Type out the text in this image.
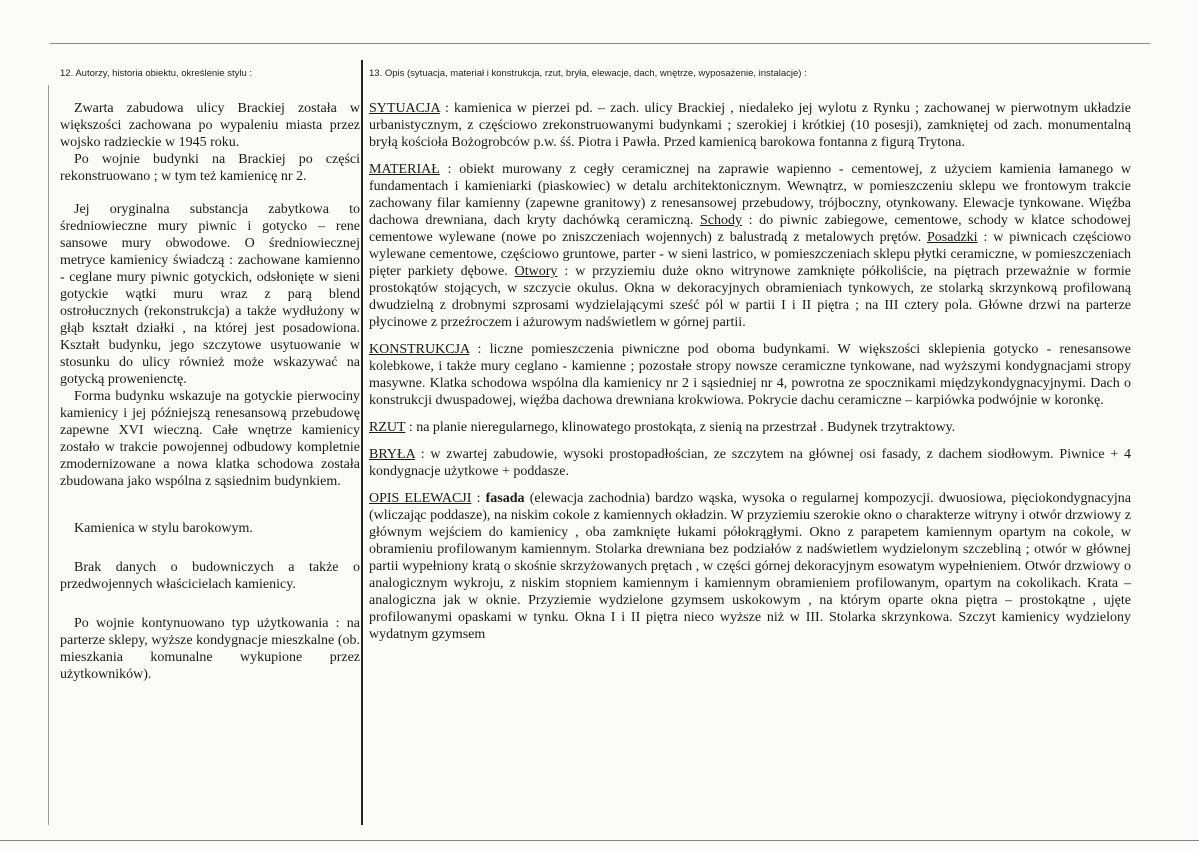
12. Autorzy, historia obiektu, określenie stylu :	13. Opis (sytuacja, materiał i konstrukcja, rzut, bryła, elewacje, dach, wnętrze, wyposażenie, instalacje) :

Zwarta zabudowa ulicy Brackiej została w większości zachowana po wypaleniu miasta przez wojsko radzieckie w 1945 roku.

Po wojnie budynki na Brackiej po części rekonstruowano ; w tym też kamienicę nr 2.

Jej oryginalna substancja zabytkowa to średniowieczne mury piwnic i gotycko – rene sansowe mury obwodowe. O średniowiecznej metryce kamienicy świadczą : zachowane kamienno - ceglane mury piwnic gotyckich, odsłonięte w sieni gotyckie wątki muru wraz z parą blend ostrołucznych (rekonstrukcja) a także wydłużony w głąb kształt działki , na której jest posadowiona. Kształt budynku, jego szczytowe usytuowanie w stosunku do ulicy również może wskazywać na gotycką prowenienctę.

Forma budynku wskazuje na gotyckie pierwociny kamienicy i jej późniejszą renesansową przebudowę zapewne XVI wieczną. Całe wnętrze kamienicy zostało w trakcie powojennej odbudowy kompletnie zmodernizowane a nowa klatka schodowa została zbudowana jako wspólna z sąsiednim budynkiem.

Kamienica w stylu barokowym.

Brak danych o budowniczych a także o przedwojennych właścicielach kamienicy.

Po wojnie kontynuowano typ użytkowania : na parterze sklepy, wyższe kondygnacje mieszkalne (ob. mieszkania komunalne wykupione przez użytkowników).

SYTUACJA : kamienica w pierzei pd. – zach. ulicy Brackiej , niedaleko jej wylotu z Rynku ; zachowanej w pierwotnym układzie urbanistycznym, z częściowo zrekonstruowanymi budynkami ; szerokiej i krótkiej (10 posesji), zamkniętej od zach. monumentalną bryłą kościoła Bożogrobców p.w. śś. Piotra i Pawła. Przed kamienicą barokowa fontanna z figurą Trytona.

MATERIAŁ : obiekt murowany z cegły ceramicznej na zaprawie wapienno - cementowej, z użyciem kamienia łamanego w fundamentach i kamieniarki (piaskowiec) w detalu architektonicznym. Wewnątrz, w pomieszczeniu sklepu we frontowym trakcie zachowany filar kamienny (zapewne granitowy) z renesansowej przebudowy, trójboczny, otynkowany. Elewacje tynkowane. Więźba dachowa drewniana, dach kryty dachówką ceramiczną. Schody : do piwnic zabiegowe, cementowe, schody w klatce schodowej cementowe wylewane (nowe po zniszczeniach wojennych) z balustradą z metalowych prętów. Posadzki : w piwnicach częściowo wylewane cementowe, częściowo gruntowe, parter - w sieni lastrico, w pomieszczeniach sklepu płytki ceramiczne, w pomieszczeniach pięter parkiety dębowe. Otwory : w przyziemiu duże okno witrynowe zamknięte półkoliście, na piętrach przeważnie w formie prostokątów stojących, w szczycie okulus. Okna w dekoracyjnych obramieniach tynkowych, ze stolarką skrzynkową profilowaną dwudzielną z drobnymi szprosami wydzielającymi sześć pól w partii I i II piętra ; na III cztery pola. Główne drzwi na parterze płycinowe z przeźroczem i ażurowym nadświetlem w górnej partii.

KONSTRUKCJA : liczne pomieszczenia piwniczne pod oboma budynkami. W większości sklepienia gotycko - renesansowe kolebkowe, i także mury ceglano - kamienne ; pozostałe stropy nowsze ceramiczne tynkowane, nad wyższymi kondygnacjami stropy masywne. Klatka schodowa wspólna dla kamienicy nr 2 i sąsiedniej nr 4, powrotna ze spocznikami międzykondygnacyjnymi. Dach o konstrukcji dwuspadowej, więźba dachowa drewniana krokwiowa. Pokrycie dachu ceramiczne – karpiówka podwójnie w koronkę.

RZUT : na planie nieregularnego, klinowatego prostokąta, z sienią na przestrzał . Budynek trzytraktowy.

BRYŁA : w zwartej zabudowie, wysoki prostopadłościan, ze szczytem na głównej osi fasady, z dachem siodłowym. Piwnice + 4 kondygnacje użytkowe + poddasze.

OPIS ELEWACJI : fasada (elewacja zachodnia) bardzo wąska, wysoka o regularnej kompozycji. dwuosiowa, pięciokondygnacyjna (wliczając poddasze), na niskim cokole z kamiennych okładzin. W przyziemiu szerokie okno o charakterze witryny i otwór drzwiowy z głównym wejściem do kamienicy , oba zamknięte łukami półokrągłymi. Okno z parapetem kamiennym opartym na cokole, w obramieniu profilowanym kamiennym. Stolarka drewniana bez podziałów z nadświetlem wydzielonym szczebliną ; otwór w głównej partii wypełniony kratą o skośnie skrzyżowanych prętach , w części górnej dekoracyjnym esowatym wypełnieniem. Otwór drzwiowy o analogicznym wykroju, z niskim stopniem kamiennym i kamiennym obramieniem profilowanym, opartym na cokolikach. Krata – analogiczna jak w oknie. Przyziemie wydzielone gzymsem uskokowym , na którym oparte okna piętra – prostokątne , ujęte profilowanymi opaskami w tynku. Okna I i II piętra nieco wyższe niż w III. Stolarka skrzynkowa. Szczyt kamienicy wydzielony wydatnym gzymsem
